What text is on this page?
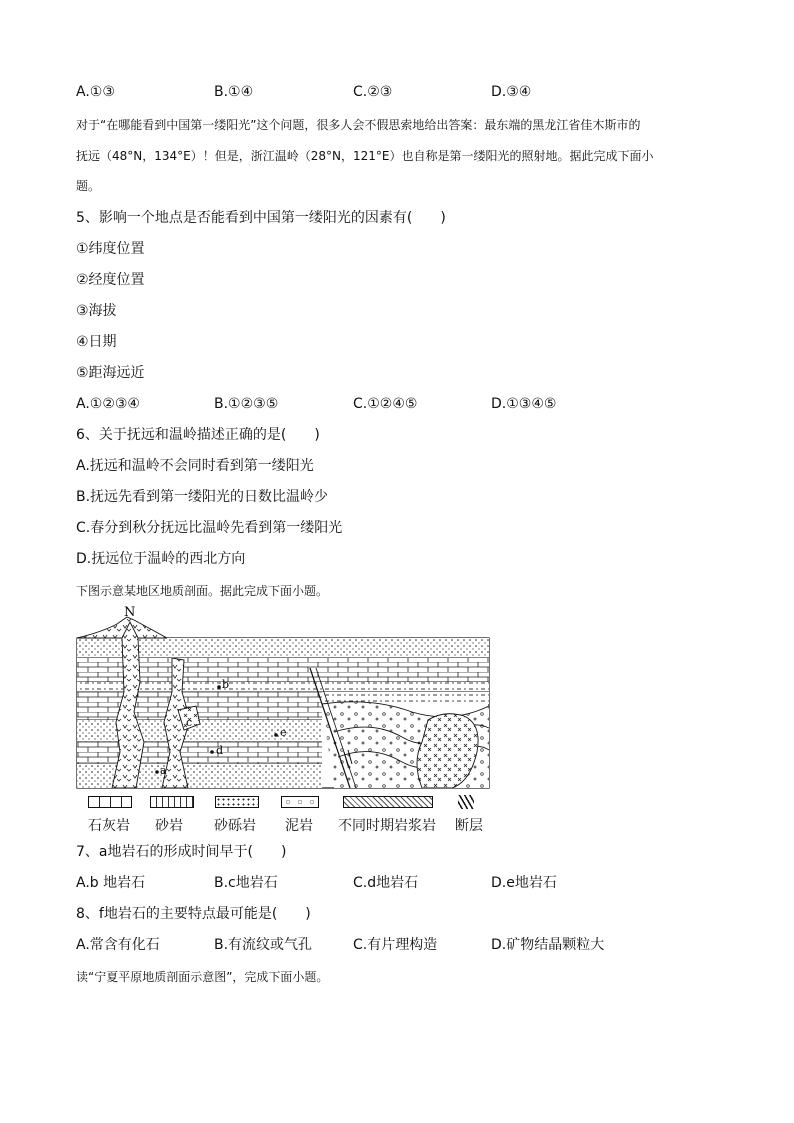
A.①③	B.①④	C.②③	D.③④
对于“在哪能看到中国第一缕阳光”这个问题，很多人会不假思索地给出答案：最东端的黑龙江省佳木斯市的
抚远（48°N，134°E）！但是，浙江温岭（28°N，121°E）也自称是第一缕阳光的照射地。据此完成下面小
题。
5、影响一个地点是否能看到中国第一缕阳光的因素有(　　)
①纬度位置
②经度位置
③海拔
④日期
⑤距海远近
A.①②③④	B.①②③⑤	C.①②④⑤	D.①③④⑤
6、关于抚远和温岭描述正确的是(　　)
A.抚远和温岭不会同时看到第一缕阳光
B.抚远先看到第一缕阳光的日数比温岭少
C.春分到秋分抚远比温岭先看到第一缕阳光
D.抚远位于温岭的西北方向
下图示意某地区地质剖面。据此完成下面小题。
N
a
b
c
d
e
石灰岩 砂岩 砂砾岩 泥岩 不同时期岩浆岩 断层
7、a地岩石的形成时间早于(　　)
A.b 地岩石	B.c地岩石	C.d地岩石	D.e地岩石
8、f地岩石的主要特点最可能是(　　)
A.常含有化石	B.有流纹或气孔	C.有片理构造	D.矿物结晶颗粒大
读“宁夏平原地质剖面示意图”，完成下面小题。
